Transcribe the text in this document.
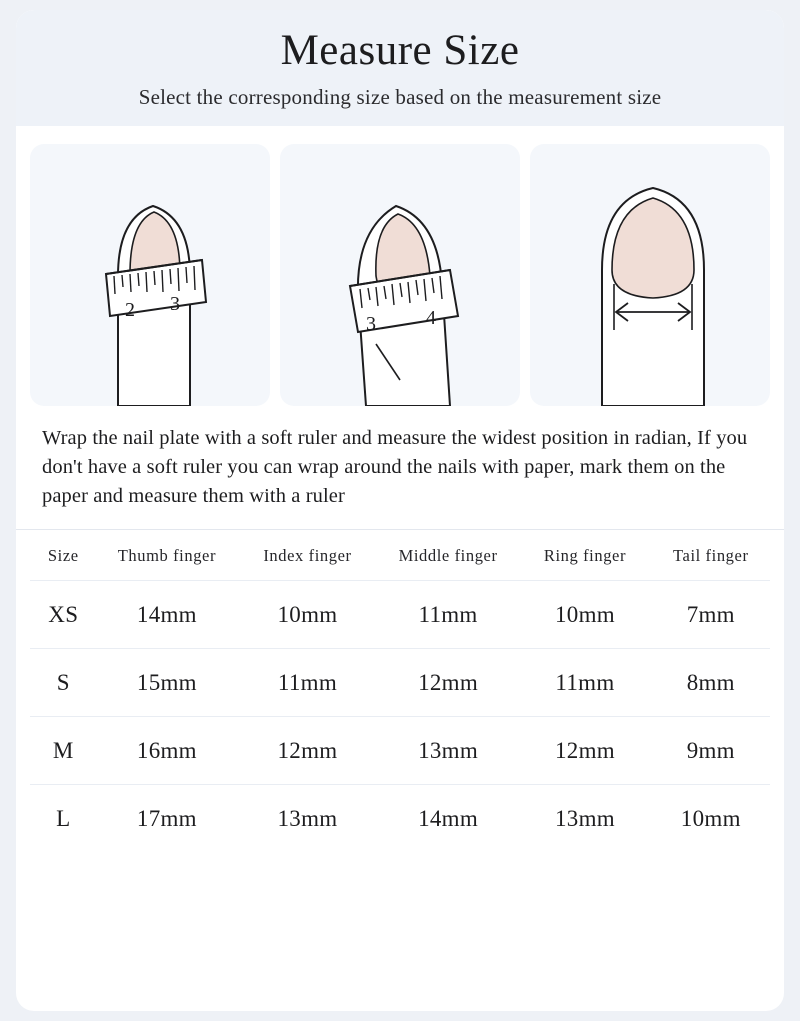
Measure Size
Select the corresponding size based on the measurement size
2 3
3	4
Wrap the nail plate with a soft ruler and measure the widest position in radian, If you don't have a soft ruler you can wrap around the nails with paper, mark them on the paper and measure them with a ruler
Size	Thumb finger	Index finger	Middle finger	Ring finger	Tail finger
XS	14mm	10mm	11mm	10mm	7mm
S	15mm	11mm	12mm	11mm	8mm
M	16mm	12mm	13mm	12mm	9mm
L	17mm	13mm	14mm	13mm	10mm
